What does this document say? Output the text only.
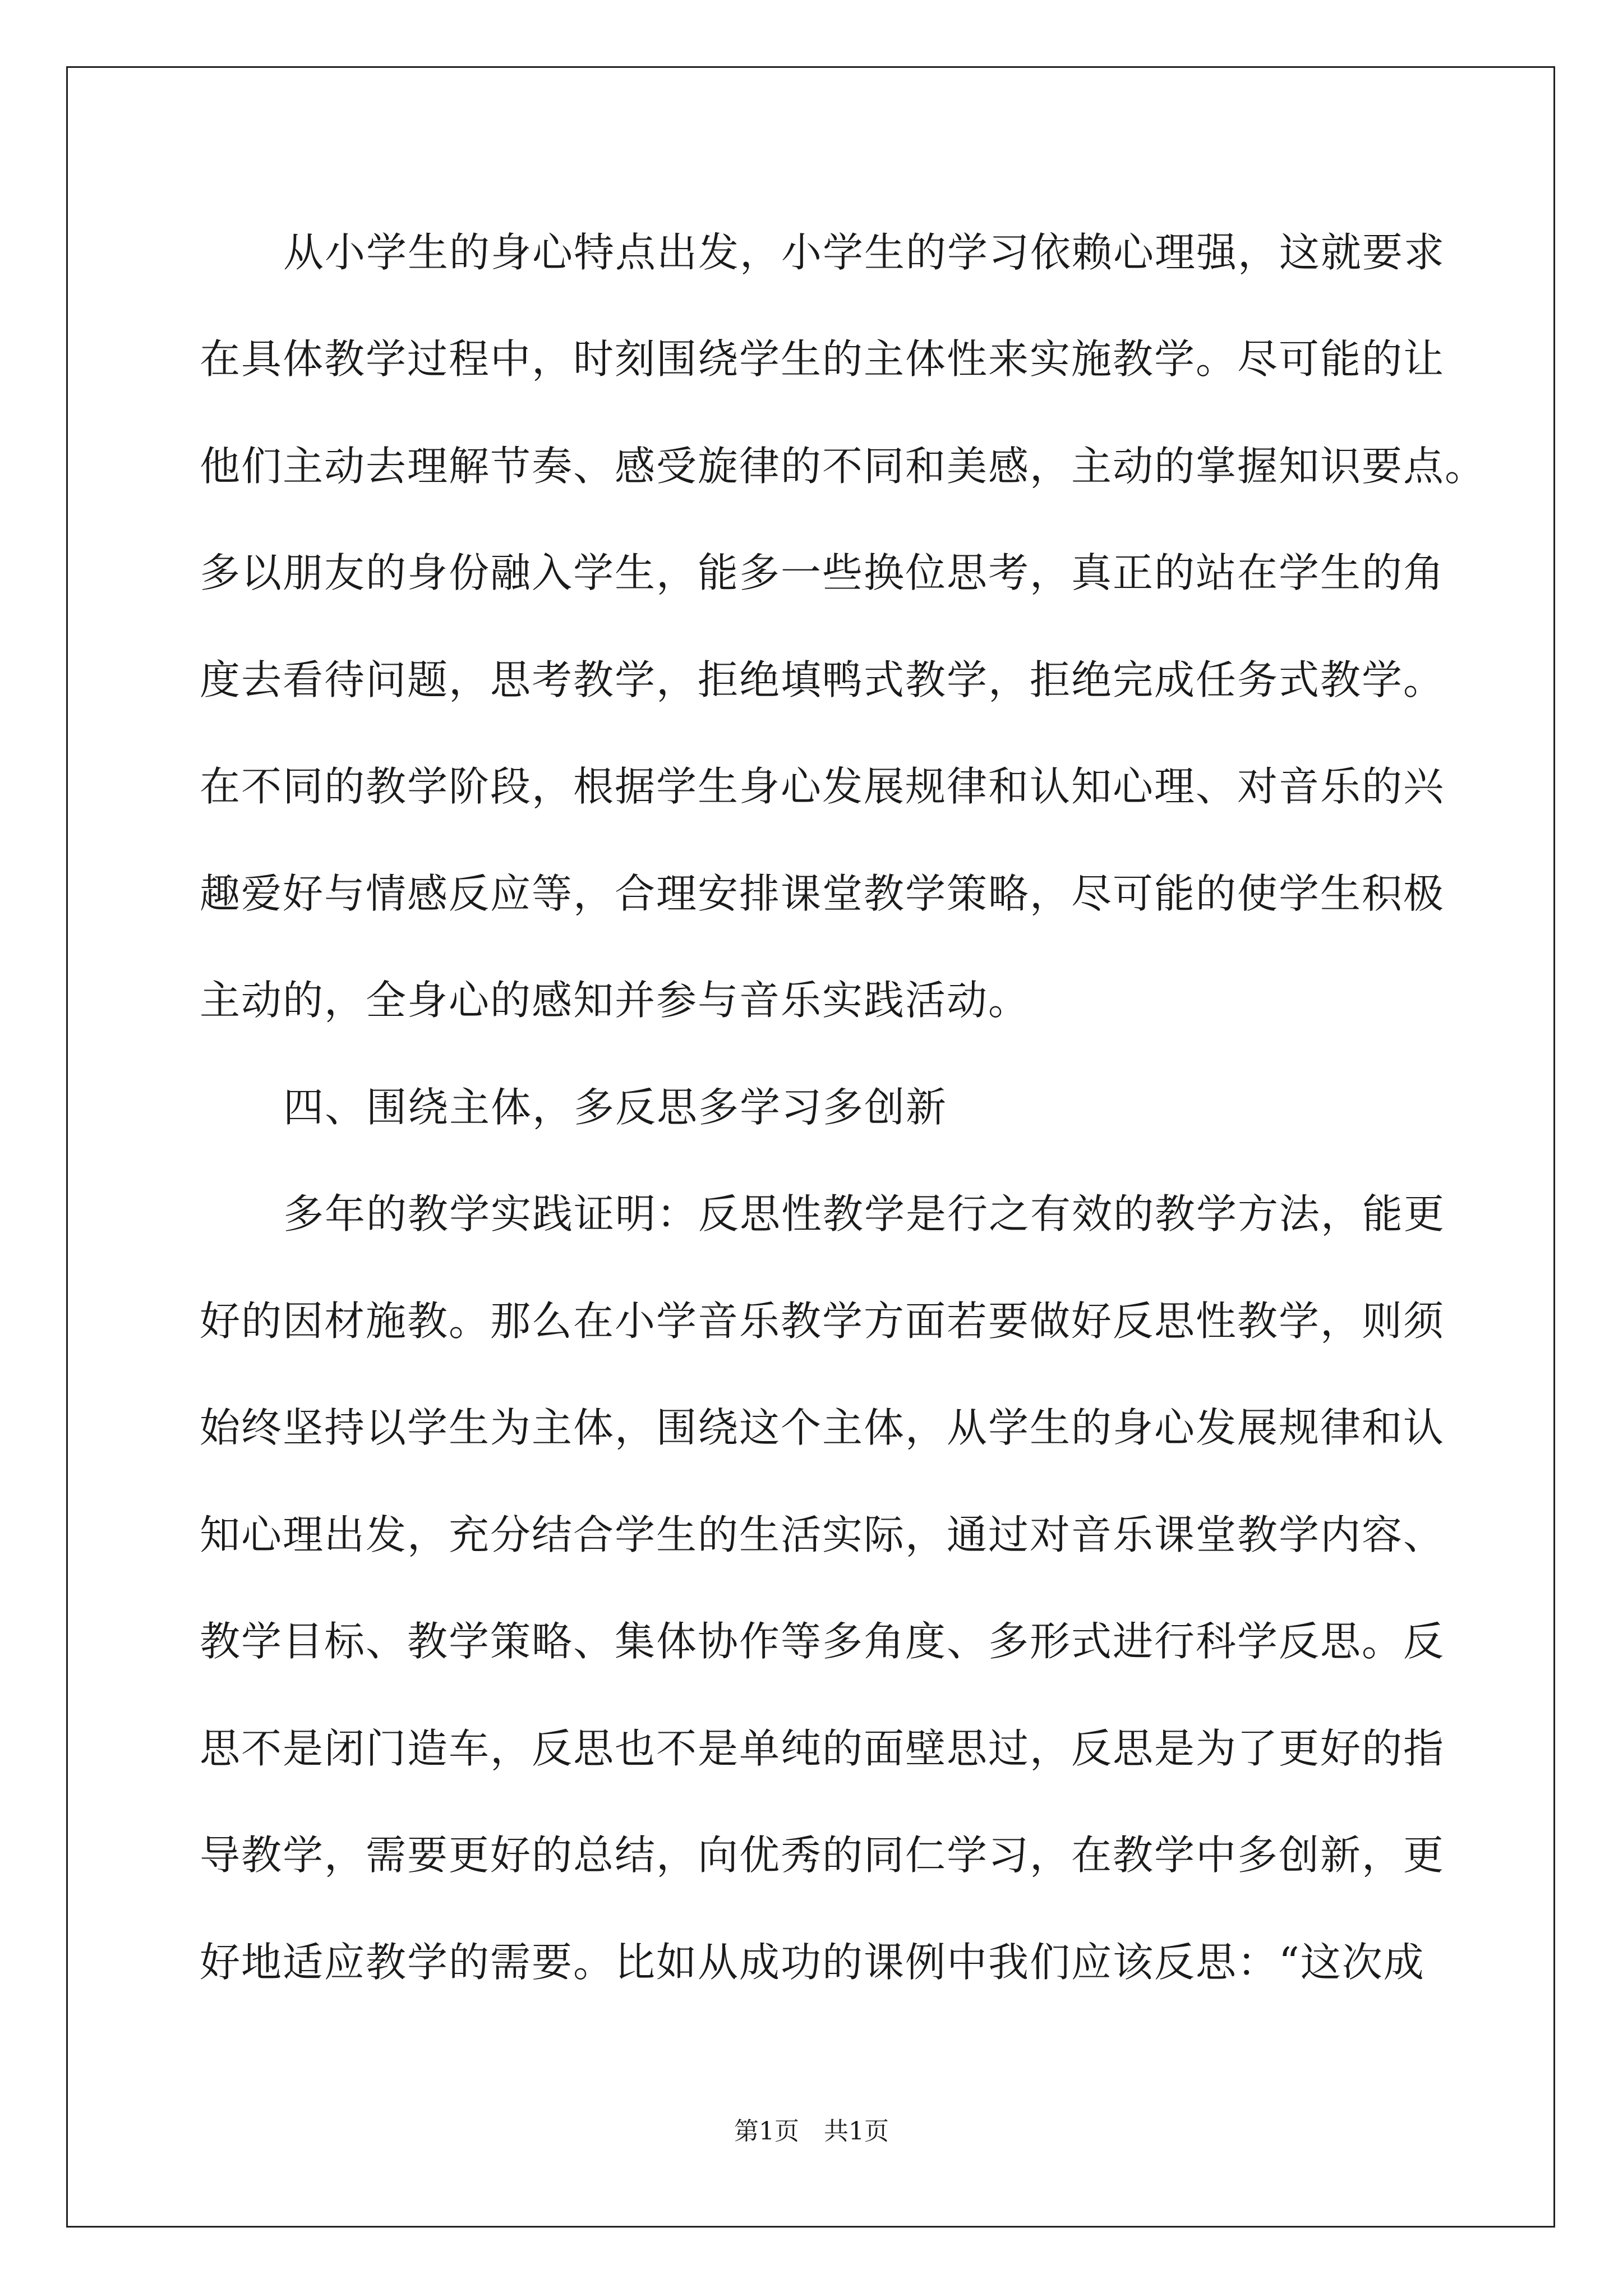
从小学生的身心特点出发，小学生的学习依赖心理强，这就要求
在具体教学过程中，时刻围绕学生的主体性来实施教学。尽可能的让
他们主动去理解节奏、感受旋律的不同和美感，主动的掌握知识要点。
多以朋友的身份融入学生，能多一些换位思考，真正的站在学生的角
度去看待问题，思考教学，拒绝填鸭式教学，拒绝完成任务式教学。
在不同的教学阶段，根据学生身心发展规律和认知心理、对音乐的兴
趣爱好与情感反应等，合理安排课堂教学策略，尽可能的使学生积极
主动的，全身心的感知并参与音乐实践活动。
四、围绕主体，多反思多学习多创新
多年的教学实践证明：反思性教学是行之有效的教学方法，能更
好的因材施教。那么在小学音乐教学方面若要做好反思性教学，则须
始终坚持以学生为主体，围绕这个主体，从学生的身心发展规律和认
知心理出发，充分结合学生的生活实际，通过对音乐课堂教学内容、
教学目标、教学策略、集体协作等多角度、多形式进行科学反思。反
思不是闭门造车，反思也不是单纯的面壁思过，反思是为了更好的指
导教学，需要更好的总结，向优秀的同仁学习，在教学中多创新，更
好地适应教学的需要。比如从成功的课例中我们应该反思：“这次成
第1页　共1页
